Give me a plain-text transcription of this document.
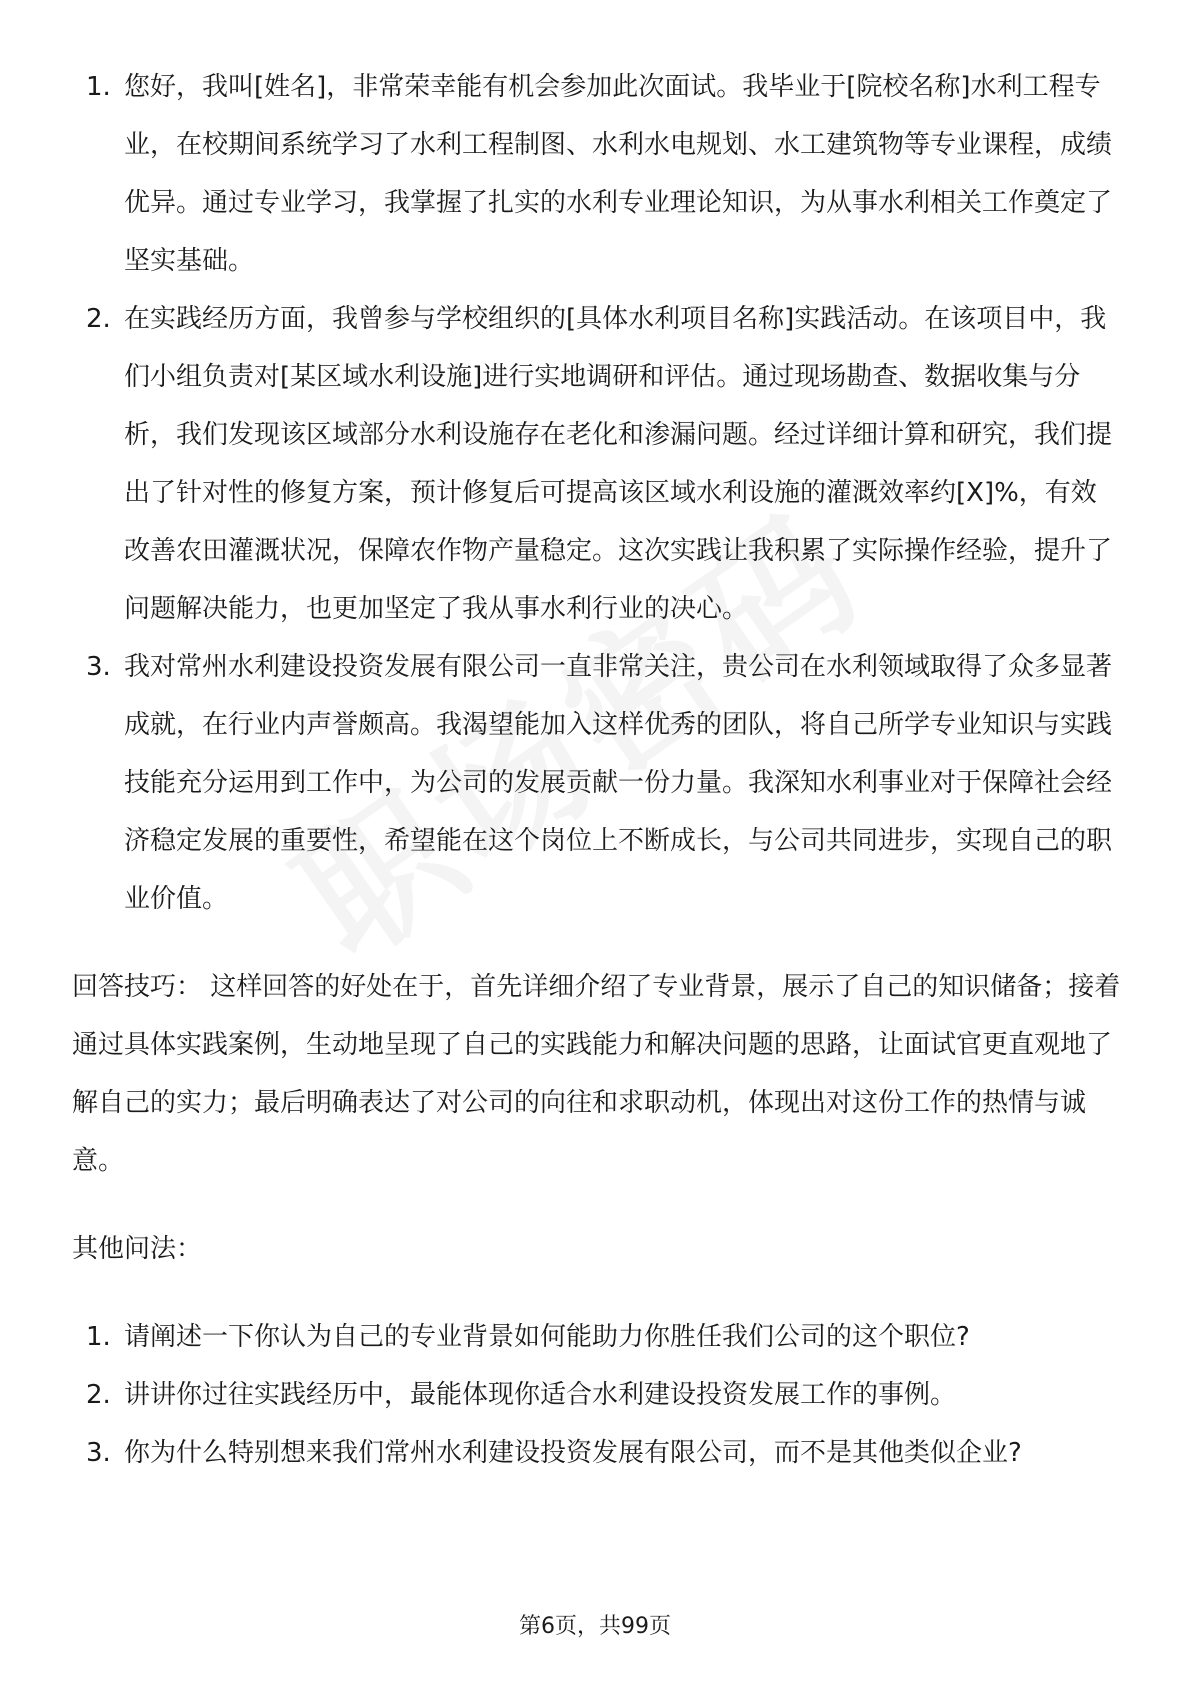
1. 您好，我叫[姓名]，非常荣幸能有机会参加此次面试。我毕业于[院校名称]水利工程专业，在校期间系统学习了水利工程制图、水利水电规划、水工建筑物等专业课程，成绩优异。通过专业学习，我掌握了扎实的水利专业理论知识，为从事水利相关工作奠定了坚实基础。
2. 在实践经历方面，我曾参与学校组织的[具体水利项目名称]实践活动。在该项目中，我们小组负责对[某区域水利设施]进行实地调研和评估。通过现场勘查、数据收集与分析，我们发现该区域部分水利设施存在老化和渗漏问题。经过详细计算和研究，我们提出了针对性的修复方案，预计修复后可提高该区域水利设施的灌溉效率约[X]%，有效改善农田灌溉状况，保障农作物产量稳定。这次实践让我积累了实际操作经验，提升了问题解决能力，也更加坚定了我从事水利行业的决心。
3. 我对常州水利建设投资发展有限公司一直非常关注，贵公司在水利领域取得了众多显著成就，在行业内声誉颇高。我渴望能加入这样优秀的团队，将自己所学专业知识与实践技能充分运用到工作中，为公司的发展贡献一份力量。我深知水利事业对于保障社会经济稳定发展的重要性，希望能在这个岗位上不断成长，与公司共同进步，实现自己的职业价值。

回答技巧： 这样回答的好处在于，首先详细介绍了专业背景，展示了自己的知识储备；接着通过具体实践案例，生动地呈现了自己的实践能力和解决问题的思路，让面试官更直观地了解自己的实力；最后明确表达了对公司的向往和求职动机，体现出对这份工作的热情与诚意。

其他问法：

1. 请阐述一下你认为自己的专业背景如何能助力你胜任我们公司的这个职位?
2. 讲讲你过往实践经历中，最能体现你适合水利建设投资发展工作的事例。
3. 你为什么特别想来我们常州水利建设投资发展有限公司，而不是其他类似企业?
第6页，共99页
